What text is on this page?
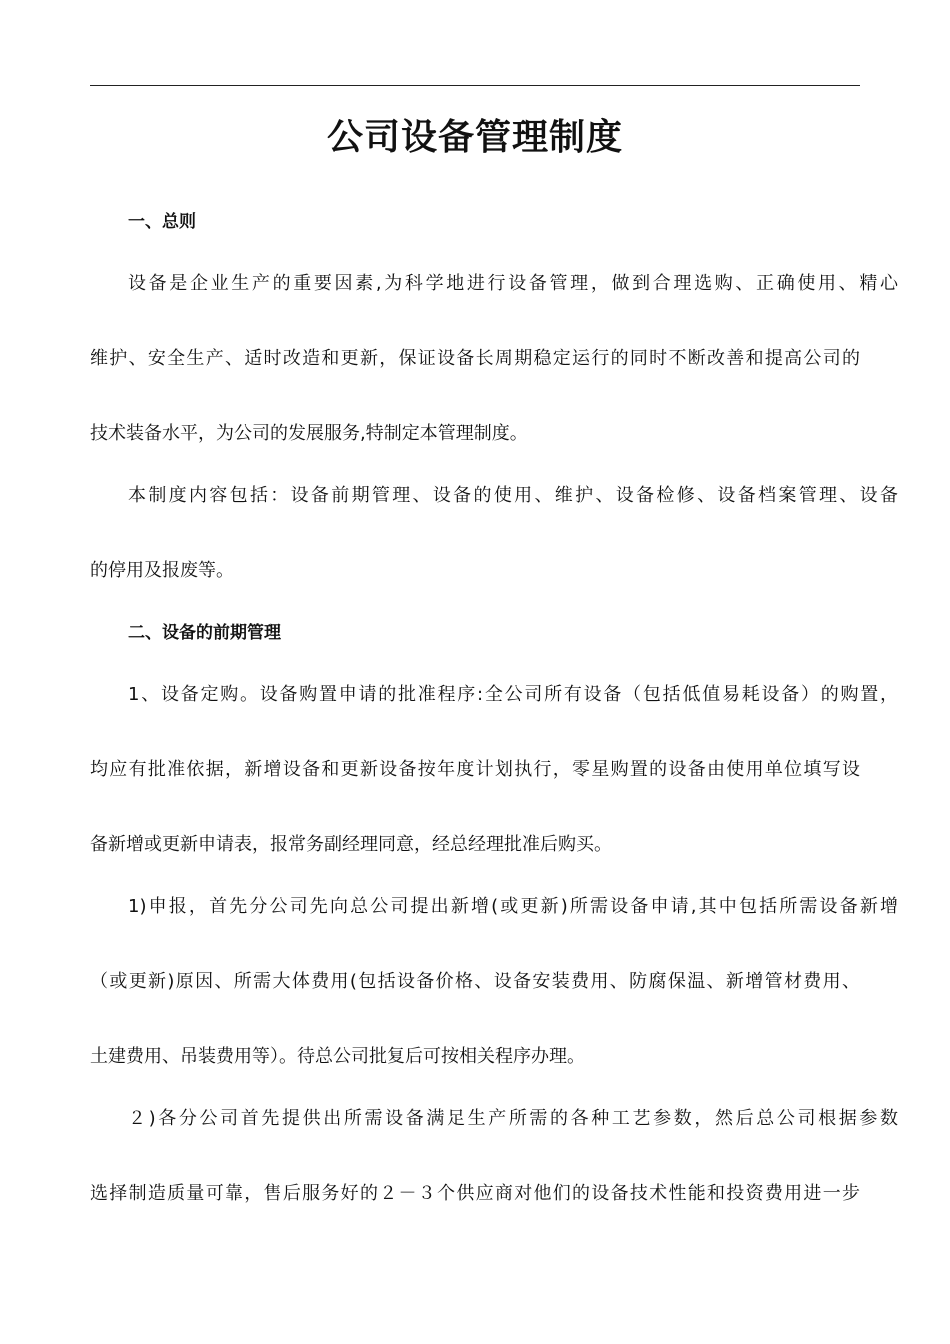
公司设备管理制度
一、总则
设备是企业生产的重要因素,为科学地进行设备管理，做到合理选购、正确使用、精心
维护、安全生产、适时改造和更新，保证设备长周期稳定运行的同时不断改善和提高公司的
技术装备水平，为公司的发展服务,特制定本管理制度。
本制度内容包括：设备前期管理、设备的使用、维护、设备检修、设备档案管理、设备
的停用及报废等。
二、设备的前期管理
1、设备定购。设备购置申请的批准程序:全公司所有设备（包括低值易耗设备）的购置，
均应有批准依据，新增设备和更新设备按年度计划执行，零星购置的设备由使用单位填写设
备新增或更新申请表，报常务副经理同意，经总经理批准后购买。
1)申报，首先分公司先向总公司提出新增(或更新)所需设备申请,其中包括所需设备新增
（或更新)原因、所需大体费用(包括设备价格、设备安装费用、防腐保温、新增管材费用、
土建费用、吊装费用等）。待总公司批复后可按相关程序办理。
２)各分公司首先提供出所需设备满足生产所需的各种工艺参数，然后总公司根据参数
选择制造质量可靠，售后服务好的２－３个供应商对他们的设备技术性能和投资费用进一步
